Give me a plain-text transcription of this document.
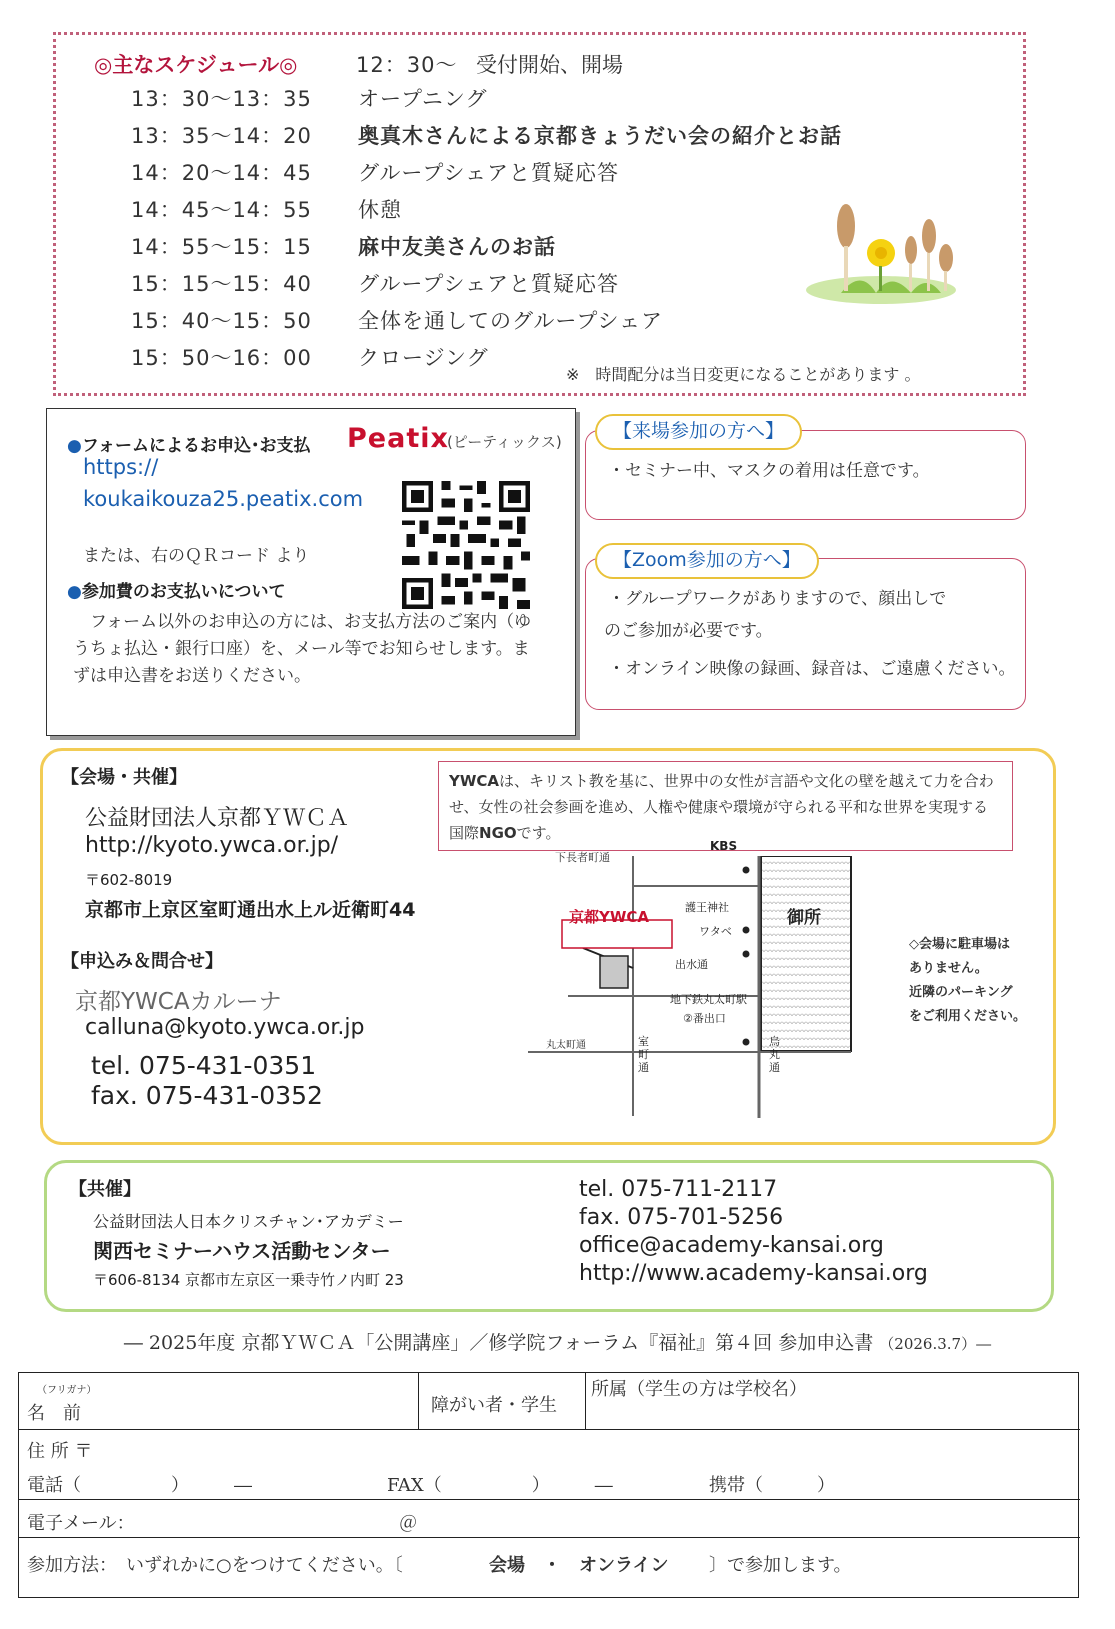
◎主なスケジュール◎	12：30～ 受付開始、開場
13：30～13：35	オープニング
13：35～14：20	奥真木さんによる京都きょうだい会の紹介とお話
14：20～14：45	グループシェアと質疑応答
14：45～14：55	休憩
14：55～15：15	麻中友美さんのお話
15：15～15：40	グループシェアと質疑応答
15：40～15：50	全体を通してのグループシェア
15：50～16：00	クロージング
※　時間配分は当日変更になることがあります 。
●フォームによるお申込･お支払 Peatix
(ピーティックス)
https://
koukaikouza25.peatix.com
または、右のＱＲコード より
●参加費のお支払いについて
　フォーム以外のお申込の方には、お支払方法のご案内（ゆうちょ払込・銀行口座）を、メール等でお知らせします。まずは申込書をお送りください。
・セミナー中、マスクの着用は任意です。
【来場参加の方へ】
・グループワークがありますので、顔出しで
のご参加が必要です。
・オンライン映像の録画、録音は、ご遠慮ください。
【Zoom参加の方へ】
【会場・共催】
公益財団法人京都ＹＷＣＡ
http://kyoto.ywca.or.jp/
〒602-8019
京都市上京区室町通出水上ル近衛町44
【申込み＆問合せ】
京都YWCAカルーナ
calluna@kyoto.ywca.or.jp
tel. 075-431-0351
fax. 075-431-0352
YWCAは、キリスト教を基に、世界中の女性が言語や文化の壁を越えて力を合わせ、女性の社会参画を進め、人権や健康や環境が守られる平和な世界を実現する国際NGOです。
◇会場に駐車場は
ありません。
近隣のパーキング
をご利用ください。
下長者町通
KBS
護王神社
ワタベ
御所
京都YWCA
出水通
地下鉄丸太町駅
②番出口
丸太町通	室町通
烏丸通
【共催】
公益財団法人日本クリスチャン･アカデミー
関西セミナーハウス活動センター
〒606-8134 京都市左京区一乗寺竹ノ内町 23
tel. 075-711-2117
fax. 075-701-5256
office@academy-kansai.org
http://www.academy-kansai.org
― 2025年度 京都ＹＷＣＡ「公開講座」／修学院フォーラム『福祉』第４回 参加申込書 （2026.3.7）―
（フリガナ）
名　前	障がい者・学生
所属（学生の方は学校名）
住 所 〒
電話（　　　　　）　　　―	FAX（　　　　　）　　　―	携帯（　　　）
電子メール：	＠
参加方法：　いずれかに○をつけてください。〔　	会場　・　オンライン 〕で参加します。
